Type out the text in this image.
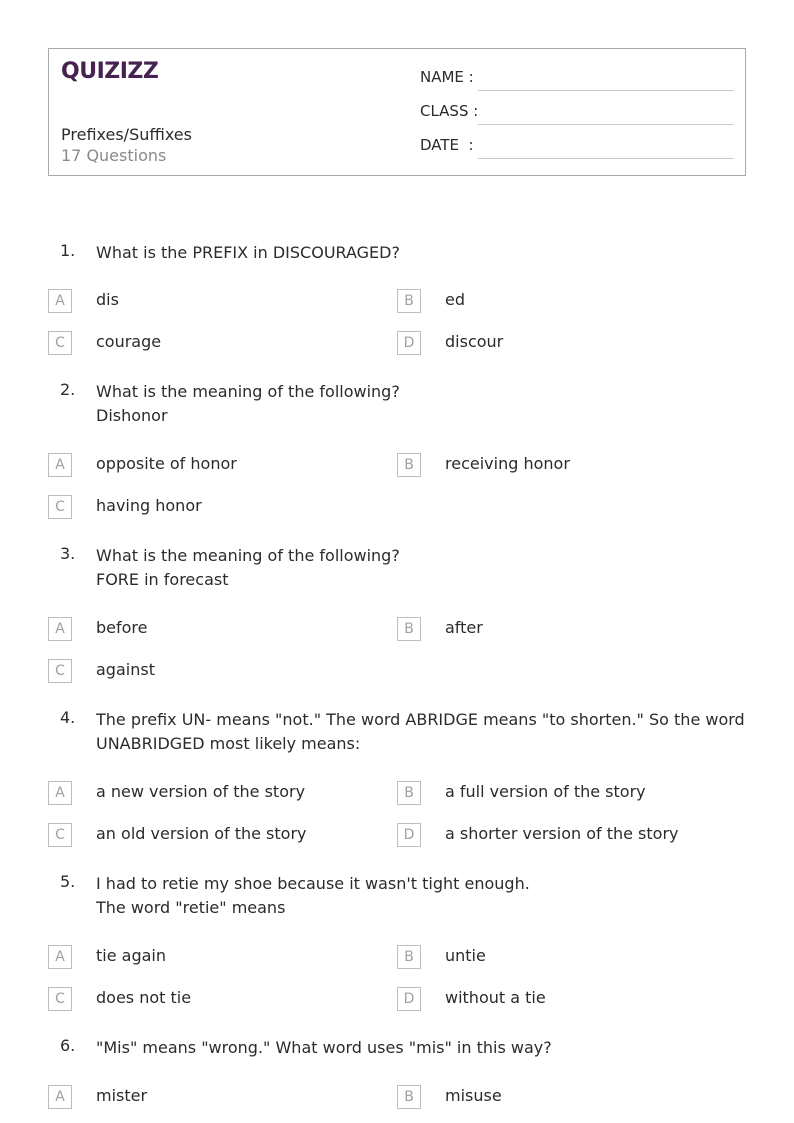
QUIZIZZ
Prefixes/Suffixes
17 Questions
NAME :
CLASS :
DATE  :
1. What is the PREFIX in DISCOURAGED?
A	dis	B	ed
C	courage	D	discour
2. What is the meaning of the following?
Dishonor
A	opposite of honor	B	receiving honor
C	having honor
3. What is the meaning of the following?
FORE in forecast
A	before	B	after
C	against
4. The prefix UN- means "not." The word ABRIDGE means "to shorten." So the word
UNABRIDGED most likely means:
A	a new version of the story	B	a full version of the story
C	an old version of the story	D	a shorter version of the story
5. I had to retie my shoe because it wasn't tight enough.
The word "retie" means
A	tie again	B	untie
C	does not tie	D	without a tie
6. "Mis" means "wrong." What word uses "mis" in this way?
A	mister	B	misuse
